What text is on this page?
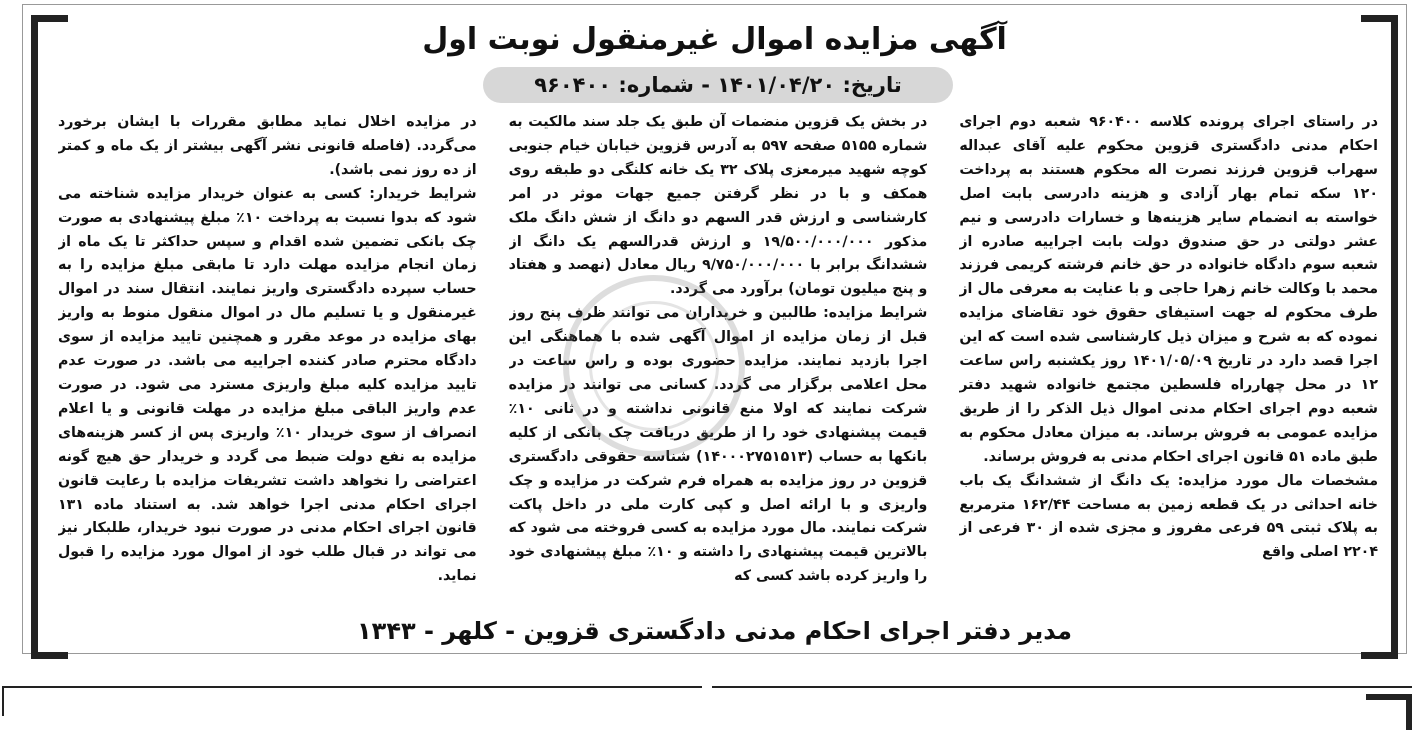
آگهی مزایده اموال غیرمنقول نوبت اول
تاریخ: ۱۴۰۱/۰۴/۲۰ - شماره: ۹۶۰۴۰۰

در راستای اجرای پرونده کلاسه ۹۶۰۴۰۰ شعبه دوم اجرای احکام مدنی دادگستری قزوین محکوم علیه آقای عبداله سهراب قزوین فرزند نصرت اله محکوم هستند به پرداخت ۱۲۰ سکه تمام بهار آزادی و هزینه دادرسی بابت اصل خواسته به انضمام سایر هزینه‌ها و خسارات دادرسی و نیم عشر دولتی در حق صندوق دولت بابت اجراییه صادره از شعبه سوم دادگاه خانواده در حق خانم فرشته کریمی فرزند محمد با وکالت خانم زهرا حاجی و با عنایت به معرفی مال از طرف محکوم له جهت استیفای حقوق خود تقاضای مزایده نموده که به شرح و میزان ذیل کارشناسی شده است که این اجرا قصد دارد در تاریخ ۱۴۰۱/۰۵/۰۹ روز یکشنبه راس ساعت ۱۲ در محل چهارراه فلسطین مجتمع خانواده شهید دفتر شعبه دوم اجرای احکام مدنی اموال ذیل الذکر را از طریق مزایده عمومی به فروش برساند. به میزان معادل محکوم به طبق ماده ۵۱ قانون اجرای احکام مدنی به فروش برساند.

مشخصات مال مورد مزایده: یک دانگ از ششدانگ یک باب خانه احداثی در یک قطعه زمین به مساحت ۱۶۲/۴۴ مترمربع به پلاک ثبتی ۵۹ فرعی مفروز و مجزی شده از ۳۰ فرعی از ۲۲۰۴ اصلی واقع

در بخش یک قزوین منضمات آن طبق یک جلد سند مالکیت به شماره ۵۱۵۵ صفحه ۵۹۷ به آدرس قزوین خیابان خیام جنوبی کوچه شهید میرمعزی پلاک ۳۲ یک خانه کلنگی دو طبقه روی همکف و با در نظر گرفتن جمیع جهات موثر در امر کارشناسی و ارزش قدر السهم دو دانگ از شش دانگ ملک مذکور ۱۹/۵۰۰/۰۰۰/۰۰۰ و ارزش قدرالسهم یک دانگ از ششدانگ برابر با ۹/۷۵۰/۰۰۰/۰۰۰ ریال معادل (نهصد و هفتاد و پنج میلیون تومان) برآورد می گردد.

شرایط مزایده: طالبین و خریداران می توانند ظرف پنج روز قبل از زمان مزایده از اموال آگهی شده با هماهنگی این اجرا بازدید نمایند. مزایده حضوری بوده و راس ساعت در محل اعلامی برگزار می گردد. کسانی می توانند در مزایده شرکت نمایند که اولا منع قانونی نداشته و در ثانی ۱۰٪ قیمت پیشنهادی خود را از طریق دریافت چک بانکی از کلیه بانکها به حساب (۱۴۰۰۰۲۷۵۱۵۱۳) شناسه حقوقی دادگستری قزوین در روز مزایده به همراه فرم شرکت در مزایده و چک واریزی و با ارائه اصل و کپی کارت ملی در داخل پاکت شرکت نمایند. مال مورد مزایده به کسی فروخته می شود که بالاترین قیمت پیشنهادی را داشته و ۱۰٪ مبلغ پیشنهادی خود را واریز کرده باشد کسی که

در مزایده اخلال نماید مطابق مقررات با ایشان برخورد می‌گردد. (فاصله قانونی نشر آگهی بیشتر از یک ماه و کمتر از ده روز نمی باشد).

شرایط خریدار: کسی به عنوان خریدار مزایده شناخته می شود که بدوا نسبت به پرداخت ۱۰٪ مبلغ پیشنهادی به صورت چک بانکی تضمین شده اقدام و سپس حداکثر تا یک ماه از زمان انجام مزایده مهلت دارد تا مابقی مبلغ مزایده را به حساب سپرده دادگستری واریز نمایند. انتقال سند در اموال غیرمنقول و یا تسلیم مال در اموال منقول منوط به واریز بهای مزایده در موعد مقرر و همچنین تایید مزایده از سوی دادگاه محترم صادر کننده اجراییه می باشد. در صورت عدم تایید مزایده کلیه مبلغ واریزی مسترد می شود. در صورت عدم واریز الباقی مبلغ مزایده در مهلت قانونی و یا اعلام انصراف از سوی خریدار ۱۰٪ واریزی پس از کسر هزینه‌های مزایده به نفع دولت ضبط می گردد و خریدار حق هیچ گونه اعتراضی را نخواهد داشت تشریفات مزایده با رعایت قانون اجرای احکام مدنی اجرا خواهد شد. به استناد ماده ۱۳۱ قانون اجرای احکام مدنی در صورت نبود خریدار، طلبکار نیز می تواند در قبال طلب خود از اموال مورد مزایده را قبول نماید.

مدیر دفتر اجرای احکام مدنی دادگستری قزوین - کلهر - ۱۳۴۳
